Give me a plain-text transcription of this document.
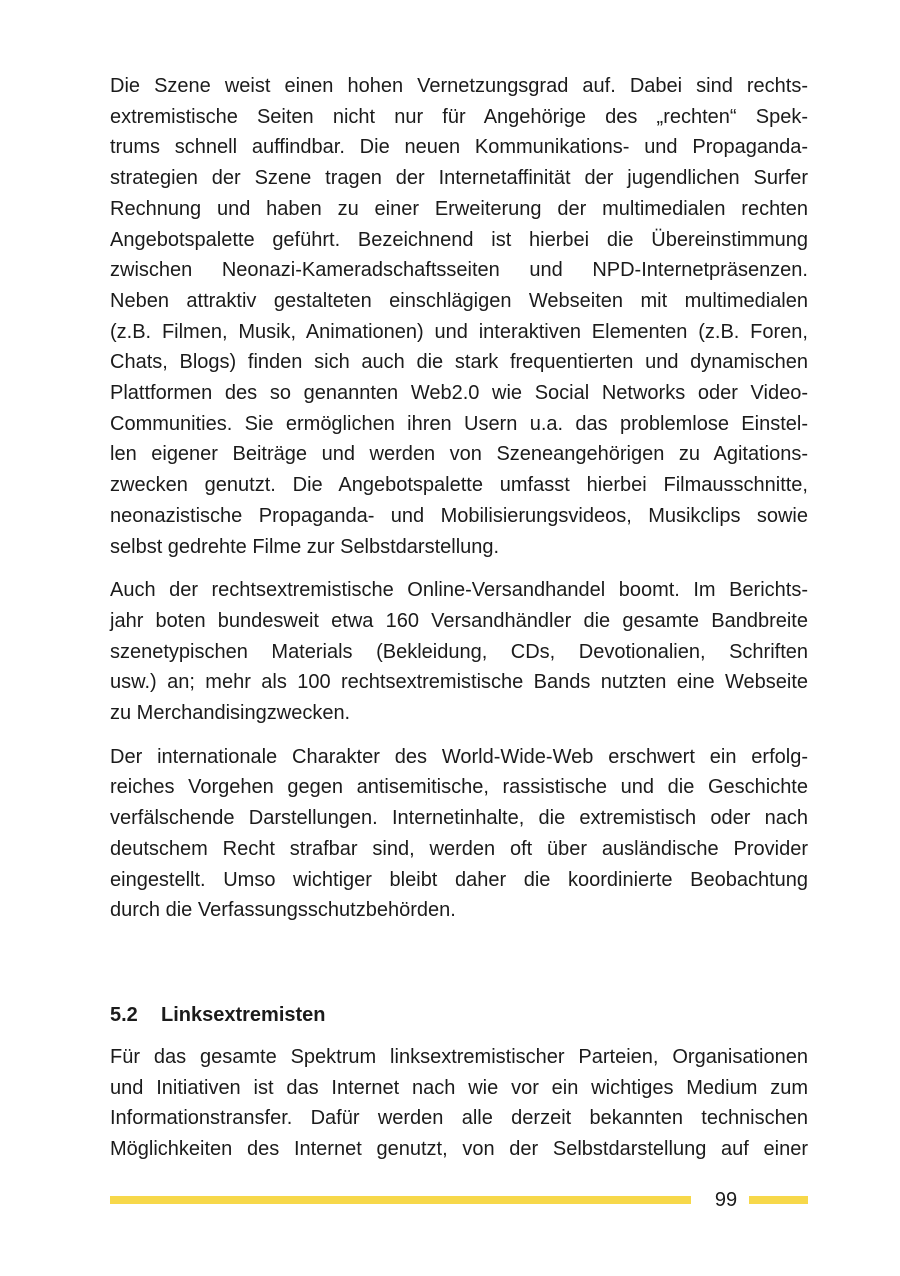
Die Szene weist einen hohen Vernetzungsgrad auf. Dabei sind rechts-
extremistische Seiten nicht nur für Angehörige des „rechten“ Spek-
trums schnell auffindbar. Die neuen Kommunikations- und Propaganda-
strategien der Szene tragen der Internetaffinität der jugendlichen Surfer
Rechnung und haben zu einer Erweiterung der multimedialen rechten
Angebotspalette geführt. Bezeichnend ist hierbei die Übereinstimmung
zwischen Neonazi-Kameradschaftsseiten und NPD-Internetpräsenzen.
Neben attraktiv gestalteten einschlägigen Webseiten mit multimedialen
(z.B. Filmen, Musik, Animationen) und interaktiven Elementen (z.B. Foren,
Chats, Blogs) finden sich auch die stark frequentierten und dynamischen
Plattformen des so genannten Web2.0 wie Social Networks oder Video-
Communities. Sie ermöglichen ihren Usern u.a. das problemlose Einstel-
len eigener Beiträge und werden von Szeneangehörigen zu Agitations-
zwecken genutzt. Die Angebotspalette umfasst hierbei Filmausschnitte,
neonazistische Propaganda- und Mobilisierungsvideos, Musikclips sowie
selbst gedrehte Filme zur Selbstdarstellung.

Auch der rechtsextremistische Online-Versandhandel boomt. Im Berichts-
jahr boten bundesweit etwa 160 Versandhändler die gesamte Bandbreite
szenetypischen Materials (Bekleidung, CDs, Devotionalien, Schriften
usw.) an; mehr als 100 rechtsextremistische Bands nutzten eine Webseite
zu Merchandisingzwecken.

Der internationale Charakter des World-Wide-Web erschwert ein erfolg-
reiches Vorgehen gegen antisemitische, rassistische und die Geschichte
verfälschende Darstellungen. Internetinhalte, die extremistisch oder nach
deutschem Recht strafbar sind, werden oft über ausländische Provider
eingestellt. Umso wichtiger bleibt daher die koordinierte Beobachtung
durch die Verfassungsschutzbehörden.

5.2 Linksextremisten

Für das gesamte Spektrum linksextremistischer Parteien, Organisationen
und Initiativen ist das Internet nach wie vor ein wichtiges Medium zum
Informationstransfer. Dafür werden alle derzeit bekannten technischen
Möglichkeiten des Internet genutzt, von der Selbstdarstellung auf einer

99
